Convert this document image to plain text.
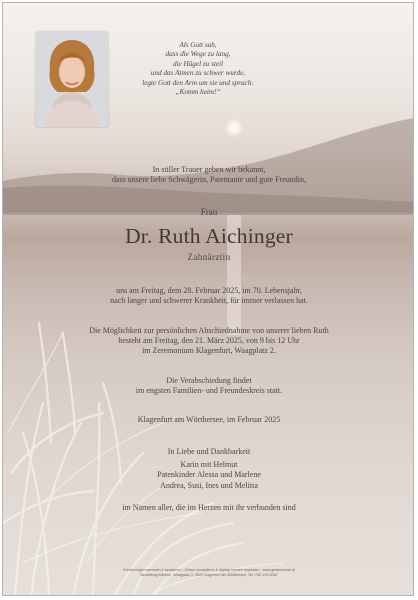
Als Gott sah,
dass die Wege zu lang,
die Hügel zu steil
und das Atmen zu schwer wurde,
legte Gott den Arm um sie und sprach:
„Komm heim!“
In stiller Trauer geben wir bekannt,
dass unsere liebe Schwägerin, Patentante und gute Freundin,
Frau
Dr. Ruth Aichinger
Zahnärztin
uns am Freitag, dem 28. Februar 2025, im 70. Lebensjahr,
nach langer und schwerer Krankheit, für immer verlassen hat.
Die Möglichkeit zur persönlichen Abschiednahme von unserer lieben Ruth
besteht am Freitag, den 21. März 2025, von 9 bis 12 Uhr
im Zeremonium Klagenfurt, Waagplatz 2.
Die Verabschiedung findet
im engsten Familien- und Freundeskreis statt.
Klagenfurt am Wörthersee, im Februar 2025
In Liebe und Dankbarkeit
Karin mit Helmut
Patenkinder Alessa und Marlene
Andrea, Susi, Ines und Melitta
im Namen aller, die im Herzen mit ihr verbunden sind
Erinnerungen sammeln & bewahren – Online kondolieren & digitale Kerzen anzünden · www.gedenkseite.at
Bestattung Kärnten, Waagplatz 2, 9020 Klagenfurt am Wörthersee, Tel.: 050 199 6040
